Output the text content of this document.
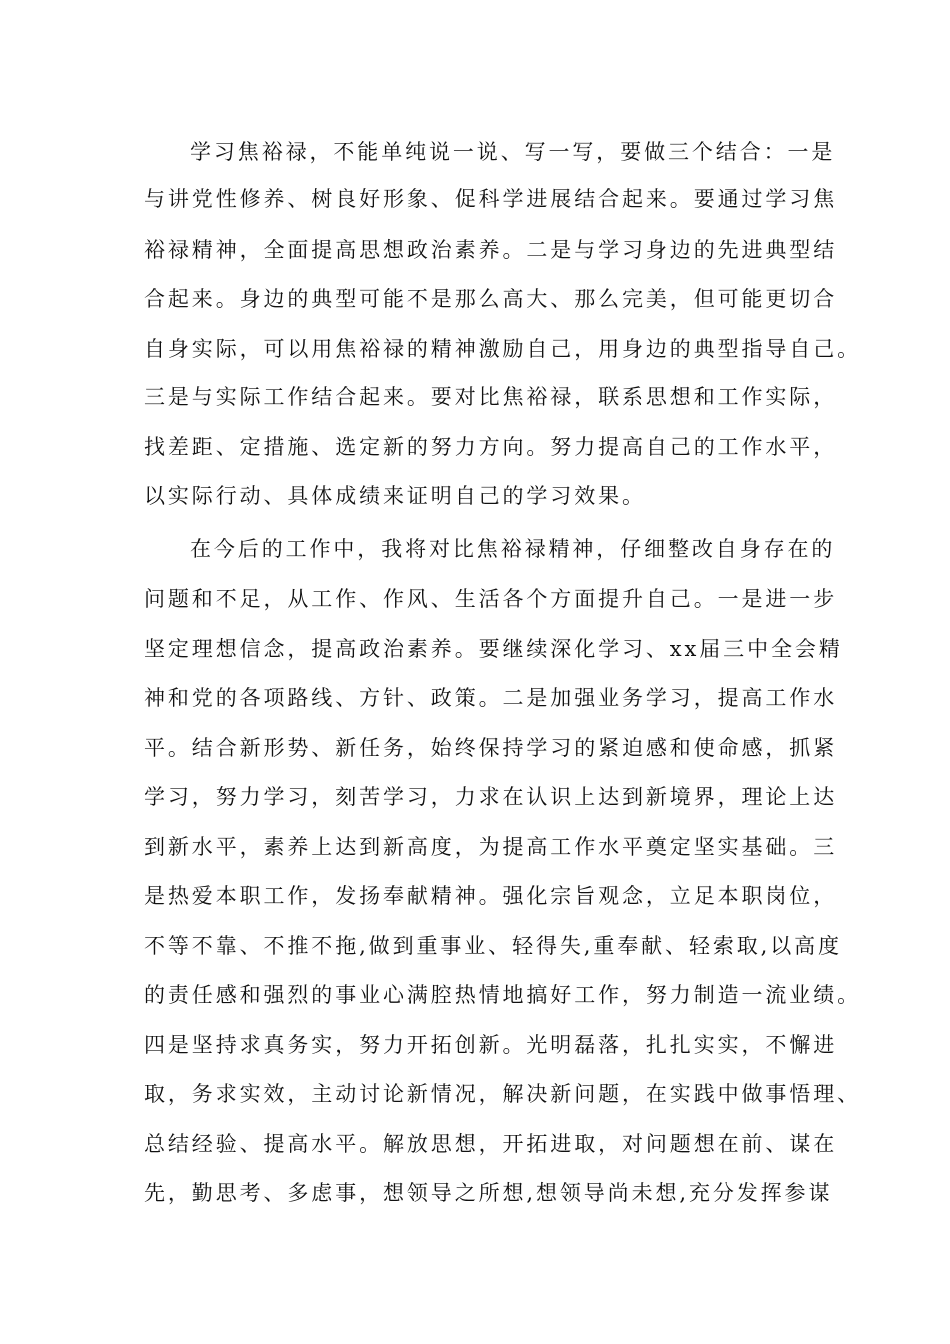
学习焦裕禄，不能单纯说一说、写一写，要做三个结合：一是
与讲党性修养、树良好形象、促科学进展结合起来。要通过学习焦
裕禄精神，全面提高思想政治素养。二是与学习身边的先进典型结
合起来。身边的典型可能不是那么高大、那么完美，但可能更切合
自身实际，可以用焦裕禄的精神激励自己，用身边的典型指导自己。
三是与实际工作结合起来。要对比焦裕禄，联系思想和工作实际，
找差距、定措施、选定新的努力方向。努力提高自己的工作水平，
以实际行动、具体成绩来证明自己的学习效果。
在今后的工作中，我将对比焦裕禄精神，仔细整改自身存在的
问题和不足，从工作、作风、生活各个方面提升自己。一是进一步
坚定理想信念，提高政治素养。要继续深化学习、xx届三中全会精
神和党的各项路线、方针、政策。二是加强业务学习，提高工作水
平。结合新形势、新任务，始终保持学习的紧迫感和使命感，抓紧
学习，努力学习，刻苦学习，力求在认识上达到新境界，理论上达
到新水平，素养上达到新高度，为提高工作水平奠定坚实基础。三
是热爱本职工作，发扬奉献精神。强化宗旨观念，立足本职岗位，
不等不靠、不推不拖,做到重事业、轻得失,重奉献、轻索取,以高度
的责任感和强烈的事业心满腔热情地搞好工作，努力制造一流业绩。
四是坚持求真务实，努力开拓创新。光明磊落，扎扎实实，不懈进
取，务求实效，主动讨论新情况，解决新问题，在实践中做事悟理、
总结经验、提高水平。解放思想，开拓进取，对问题想在前、谋在
先，勤思考、多虑事，想领导之所想,想领导尚未想,充分发挥参谋
